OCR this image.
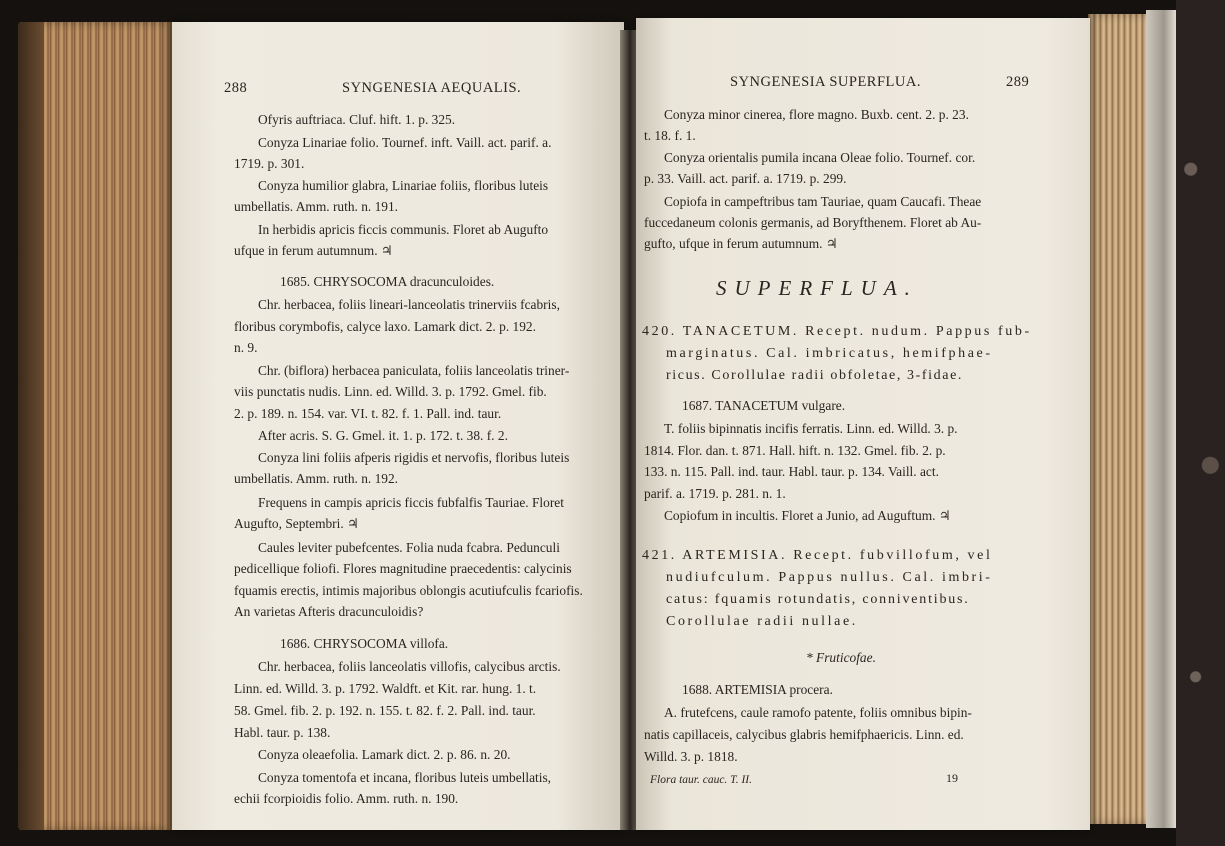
288	SYNGENESIA AEQUALIS.
Ofyris auftriaca. Cluf. hift. 1. p. 325.
Conyza Linariae folio. Tournef. inft. Vaill. act. parif. a.
1719. p. 301.
Conyza humilior glabra, Linariae foliis, floribus luteis
umbellatis. Amm. ruth. n. 191.
In herbidis apricis ficcis communis. Floret ab Augufto
ufque in ferum autumnum. ♃
1685. CHRYSOCOMA dracunculoides.
Chr. herbacea, foliis lineari-lanceolatis trinerviis fcabris,
floribus corymbofis, calyce laxo. Lamark dict. 2. p. 192.
n. 9.
Chr. (biflora) herbacea paniculata, foliis lanceolatis triner-
viis punctatis nudis. Linn. ed. Willd. 3. p. 1792. Gmel. fib.
2. p. 189. n. 154. var. VI. t. 82. f. 1. Pall. ind. taur.
After acris. S. G. Gmel. it. 1. p. 172. t. 38. f. 2.
Conyza lini foliis afperis rigidis et nervofis, floribus luteis
umbellatis. Amm. ruth. n. 192.
Frequens in campis apricis ficcis fubfalfis Tauriae. Floret
Augufto, Septembri. ♃
Caules leviter pubefcentes. Folia nuda fcabra. Pedunculi
pedicellique foliofi. Flores magnitudine praecedentis: calycinis
fquamis erectis, intimis majoribus oblongis acutiufculis fcariofis.
An varietas Afteris dracunculoidis?
1686. CHRYSOCOMA villofa.
Chr. herbacea, foliis lanceolatis villofis, calycibus arctis.
Linn. ed. Willd. 3. p. 1792. Waldft. et Kit. rar. hung. 1. t.
58. Gmel. fib. 2. p. 192. n. 155. t. 82. f. 2. Pall. ind. taur.
Habl. taur. p. 138.
Conyza oleaefolia. Lamark dict. 2. p. 86. n. 20.
Conyza tomentofa et incana, floribus luteis umbellatis,
echii fcorpioidis folio. Amm. ruth. n. 190.
SYNGENESIA SUPERFLUA.	289
Conyza minor cinerea, flore magno. Buxb. cent. 2. p. 23.
t. 18. f. 1.
Conyza orientalis pumila incana Oleae folio. Tournef. cor.
p. 33. Vaill. act. parif. a. 1719. p. 299.
Copiofa in campeftribus tam Tauriae, quam Caucafi. Theae
fuccedaneum colonis germanis, ad Boryfthenem. Floret ab Au-
gufto, ufque in ferum autumnum. ♃
SUPERFLUA.
420. TANACETUM. Recept. nudum. Pappus fub-
marginatus. Cal. imbricatus, hemifphae-
ricus. Corollulae radii obfoletae, 3-fidae.
1687. TANACETUM vulgare.
T. foliis bipinnatis incifis ferratis. Linn. ed. Willd. 3. p.
1814. Flor. dan. t. 871. Hall. hift. n. 132. Gmel. fib. 2. p.
133. n. 115. Pall. ind. taur. Habl. taur. p. 134. Vaill. act.
parif. a. 1719. p. 281. n. 1.
Copiofum in incultis. Floret a Junio, ad Auguftum. ♃
421. ARTEMISIA. Recept. fubvillofum, vel
nudiufculum. Pappus nullus. Cal. imbri-
catus: fquamis rotundatis, conniventibus.
Corollulae radii nullae.
* Fruticofae.
1688. ARTEMISIA procera.
A. frutefcens, caule ramofo patente, foliis omnibus bipin-
natis capillaceis, calycibus glabris hemifphaericis. Linn. ed.
Willd. 3. p. 1818.
Flora taur. cauc. T. II.	19
